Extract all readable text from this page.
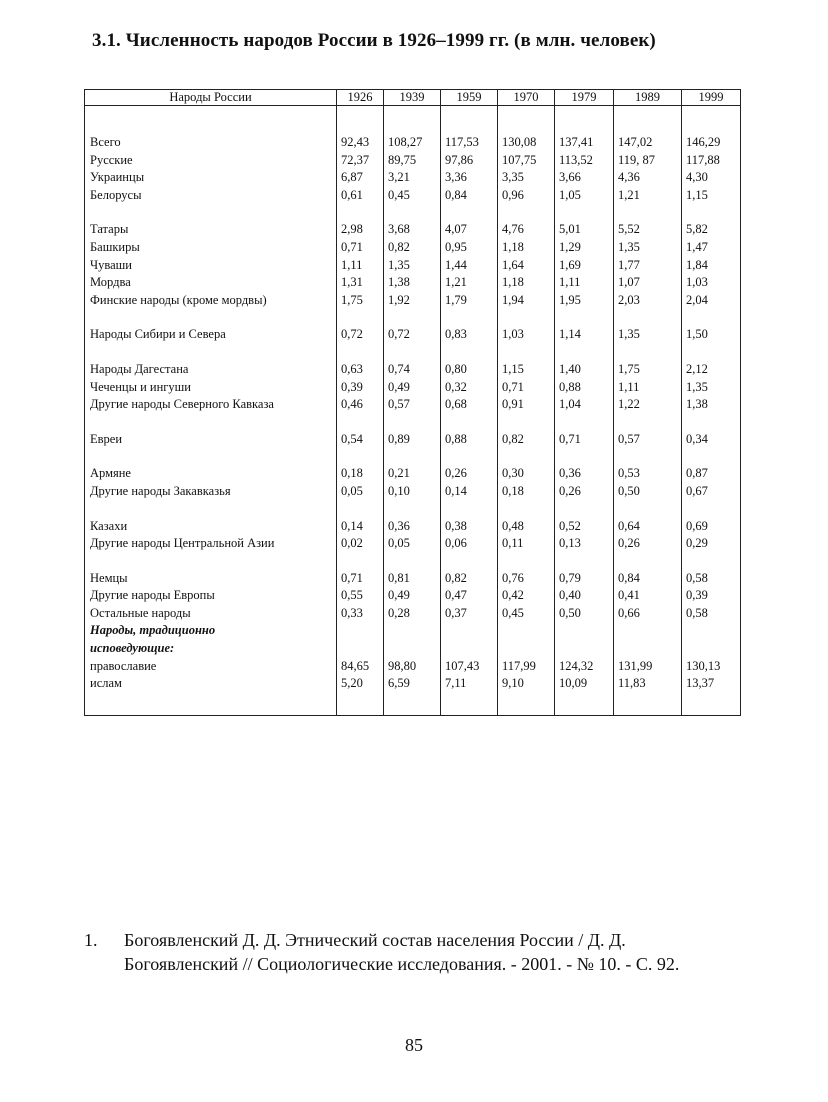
3.1. Численность народов России в 1926–1999 гг. (в млн. человек)
Народы России	1926	1939	1959	1970	1979	1989	1999

Всего	92,43	108,27	117,53	130,08	137,41	147,02	146,29
Русские	72,37	89,75	97,86	107,75	113,52	119, 87	117,88
Украинцы	6,87	3,21	3,36	3,35	3,66	4,36	4,30
Белорусы	0,61	0,45	0,84	0,96	1,05	1,21	1,15

Татары	2,98	3,68	4,07	4,76	5,01	5,52	5,82
Башкиры	0,71	0,82	0,95	1,18	1,29	1,35	1,47
Чуваши	1,11	1,35	1,44	1,64	1,69	1,77	1,84
Мордва	1,31	1,38	1,21	1,18	1,11	1,07	1,03
Финские народы (кроме мордвы)	1,75	1,92	1,79	1,94	1,95	2,03	2,04

Народы Сибири и Севера	0,72	0,72	0,83	1,03	1,14	1,35	1,50

Народы Дагестана	0,63	0,74	0,80	1,15	1,40	1,75	2,12
Чеченцы и ингуши	0,39	0,49	0,32	0,71	0,88	1,11	1,35
Другие народы Северного Кавказа	0,46	0,57	0,68	0,91	1,04	1,22	1,38

Евреи	0,54	0,89	0,88	0,82	0,71	0,57	0,34

Армяне	0,18	0,21	0,26	0,30	0,36	0,53	0,87
Другие народы Закавказья	0,05	0,10	0,14	0,18	0,26	0,50	0,67

Казахи	0,14	0,36	0,38	0,48	0,52	0,64	0,69
Другие народы Центральной Азии	0,02	0,05	0,06	0,11	0,13	0,26	0,29

Немцы	0,71	0,81	0,82	0,76	0,79	0,84	0,58
Другие народы Европы	0,55	0,49	0,47	0,42	0,40	0,41	0,39
Остальные народы	0,33	0,28	0,37	0,45	0,50	0,66	0,58
Народы, традиционно							
исповедующие:							
православие	84,65	98,80	107,43	117,99	124,32	131,99	130,13
ислам	5,20	6,59	7,11	9,10	10,09	11,83	13,37

1. Богоявленский Д. Д. Этнический состав населения России / Д. Д. Богоявленский // Социологические исследования. - 2001. - № 10. - С. 92.
85
